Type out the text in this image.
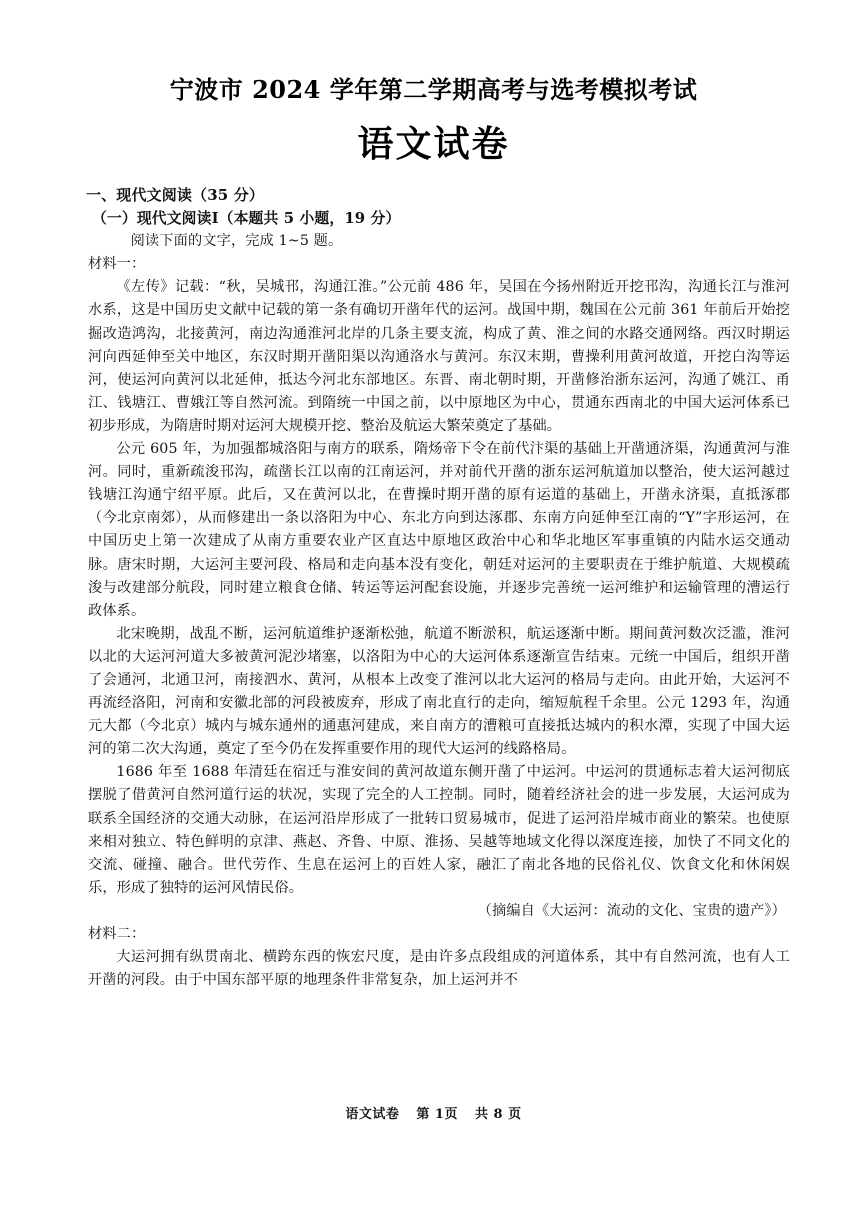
宁波市 2024 学年第二学期高考与选考模拟考试
语文试卷

一、现代文阅读（35 分）

（一）现代文阅读Ⅰ（本题共 5 小题，19 分）

阅读下面的文字，完成 1~5 题。

材料一：

《左传》记载：“秋，吴城邗，沟通江淮。”公元前 486 年，吴国在今扬州附近开挖邗沟，沟通长江与淮河水系，这是中国历史文献中记载的第一条有确切开凿年代的运河。战国中期，魏国在公元前 361 年前后开始挖掘改造鸿沟，北接黄河，南边沟通淮河北岸的几条主要支流，构成了黄、淮之间的水路交通网络。西汉时期运河向西延伸至关中地区，东汉时期开凿阳渠以沟通洛水与黄河。东汉末期，曹操利用黄河故道，开挖白沟等运河，使运河向黄河以北延伸，抵达今河北东部地区。东晋、南北朝时期，开凿修治浙东运河，沟通了姚江、甬江、钱塘江、曹娥江等自然河流。到隋统一中国之前，以中原地区为中心，贯通东西南北的中国大运河体系已初步形成，为隋唐时期对运河大规模开挖、整治及航运大繁荣奠定了基础。

公元 605 年，为加强都城洛阳与南方的联系，隋炀帝下令在前代汴渠的基础上开凿通济渠，沟通黄河与淮河。同时，重新疏浚邗沟，疏凿长江以南的江南运河，并对前代开凿的浙东运河航道加以整治，使大运河越过钱塘江沟通宁绍平原。此后，又在黄河以北，在曹操时期开凿的原有运道的基础上，开凿永济渠，直抵涿郡（今北京南郊），从而修建出一条以洛阳为中心、东北方向到达涿郡、东南方向延伸至江南的“Y”字形运河，在中国历史上第一次建成了从南方重要农业产区直达中原地区政治中心和华北地区军事重镇的内陆水运交通动脉。唐宋时期，大运河主要河段、格局和走向基本没有变化，朝廷对运河的主要职责在于维护航道、大规模疏浚与改建部分航段，同时建立粮食仓储、转运等运河配套设施，并逐步完善统一运河维护和运输管理的漕运行政体系。

北宋晚期，战乱不断，运河航道维护逐渐松弛，航道不断淤积，航运逐渐中断。期间黄河数次泛滥，淮河以北的大运河河道大多被黄河泥沙堵塞，以洛阳为中心的大运河体系逐渐宣告结束。元统一中国后，组织开凿了会通河，北通卫河，南接泗水、黄河，从根本上改变了淮河以北大运河的格局与走向。由此开始，大运河不再流经洛阳，河南和安徽北部的河段被废弃，形成了南北直行的走向，缩短航程千余里。公元 1293 年，沟通元大都（今北京）城内与城东通州的通惠河建成，来自南方的漕粮可直接抵达城内的积水潭，实现了中国大运河的第二次大沟通，奠定了至今仍在发挥重要作用的现代大运河的线路格局。

1686 年至 1688 年清廷在宿迁与淮安间的黄河故道东侧开凿了中运河。中运河的贯通标志着大运河彻底摆脱了借黄河自然河道行运的状况，实现了完全的人工控制。同时，随着经济社会的进一步发展，大运河成为联系全国经济的交通大动脉，在运河沿岸形成了一批转口贸易城市，促进了运河沿岸城市商业的繁荣。也使原来相对独立、特色鲜明的京津、燕赵、齐鲁、中原、淮扬、吴越等地域文化得以深度连接，加快了不同文化的交流、碰撞、融合。世代劳作、生息在运河上的百姓人家，融汇了南北各地的民俗礼仪、饮食文化和休闲娱乐，形成了独特的运河风情民俗。

（摘编自《大运河：流动的文化、宝贵的遗产》）

材料二：

大运河拥有纵贯南北、横跨东西的恢宏尺度，是由许多点段组成的河道体系，其中有自然河流，也有人工开凿的河段。由于中国东部平原的地理条件非常复杂，加上运河并不

语文试卷 第 1页 共 8 页
